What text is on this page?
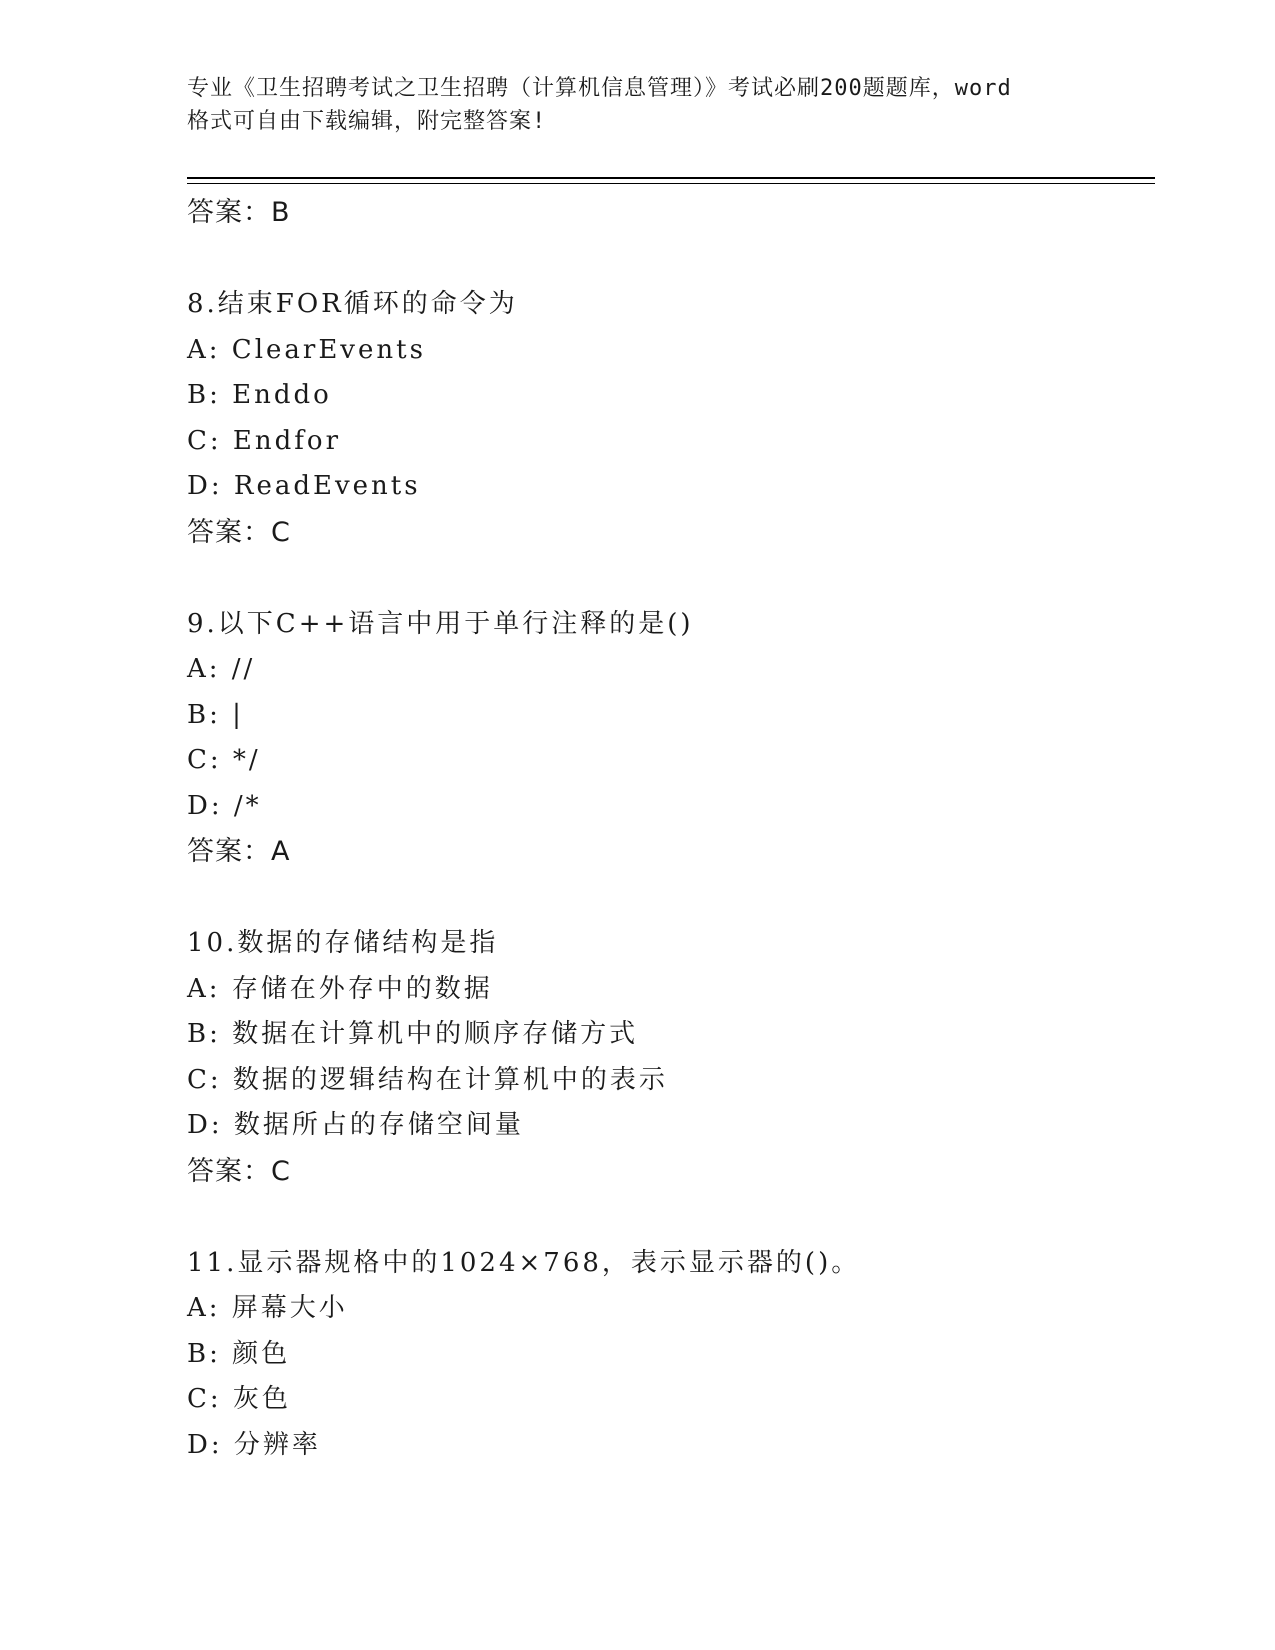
专业《卫生招聘考试之卫生招聘（计算机信息管理）》考试必刷200题题库，word
格式可自由下载编辑，附完整答案!
答案：B
8.结束FOR循环的命令为
A: ClearEvents
B: Enddo
C: Endfor
D: ReadEvents
答案：C
9.以下C++语言中用于单行注释的是()
A: //
B: |
C: */
D: /*
答案：A
10.数据的存储结构是指
A: 存储在外存中的数据
B: 数据在计算机中的顺序存储方式
C: 数据的逻辑结构在计算机中的表示
D: 数据所占的存储空间量
答案：C
11.显示器规格中的1024×768，表示显示器的()。
A: 屏幕大小
B: 颜色
C: 灰色
D: 分辨率
